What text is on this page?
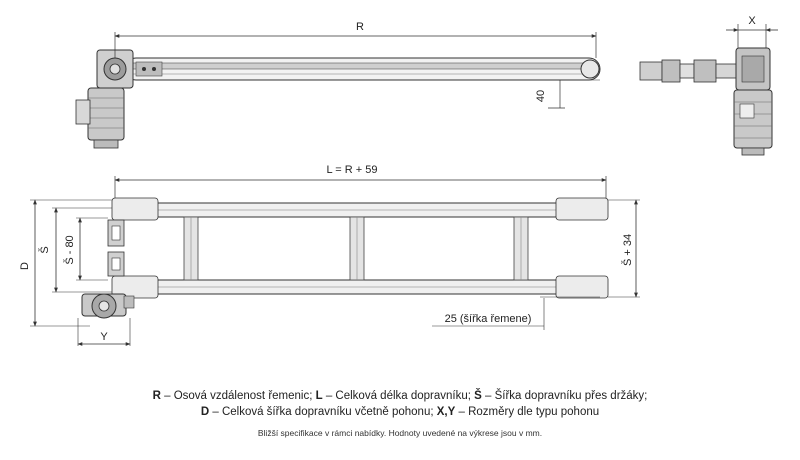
R
40
X
L = R + 59
D
Š Š - 80	Š + 34
Y
25 (šířka řemene)
R – Osová vzdálenost řemenic; L – Celková délka dopravníku; Š – Šířka dopravníku přes držáky;
D – Celková šířka dopravníku včetně pohonu; X,Y – Rozměry dle typu pohonu
Bližší specifikace v rámci nabídky. Hodnoty uvedené na výkrese jsou v mm.
